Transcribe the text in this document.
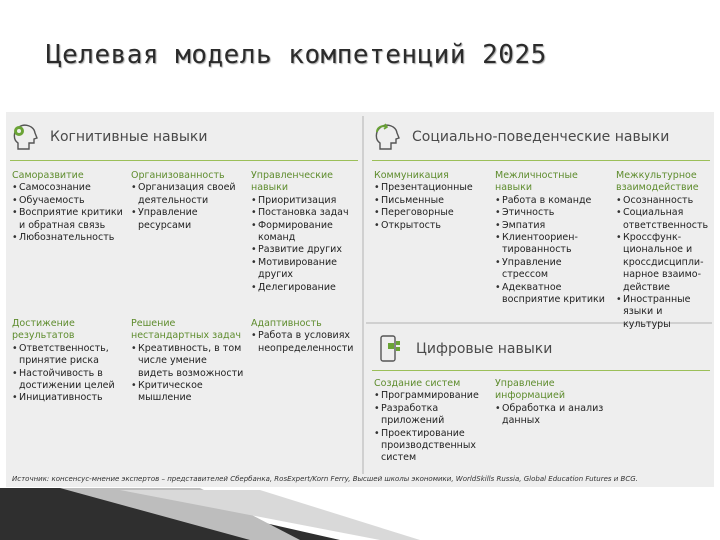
Целевая модель компетенций 2025
Когнитивные навыки	Социально-поведенческие навыки
Цифровые навыки
Саморазвитие
• Самосознание
• Обучаемость
• Восприятие критики и обратная связь
• Любознательность
Организованность
• Организация своей деятельности
• Управление ресурсами
Управленческие навыки
• Приоритизация
• Постановка задач
• Формирование команд
• Развитие других
• Мотивирование других
• Делегирование
Достижение результатов
• Ответственность, принятие риска
• Настойчивость в достижении целей
• Инициативность
Решение нестандартных задач
• Креативность, в том числе умение видеть возможности
• Критическое мышление
Адаптивность
• Работа в условиях неопределенности
Коммуникация
• Презентационные
• Письменные
• Переговорные
• Открытость
Межличностные навыки
• Работа в команде
• Этичность
• Эмпатия
• Клиентоориен-тированность
• Управление стрессом
• Адекватное восприятие критики
Межкультурное взаимодействие
• Осознанность
• Социальная ответственность
• Кросcфунк-циональное и кроссдисципли-нарное взаимо-действие
• Иностранные языки и культуры
Создание систем
• Программирование
• Разработка приложений
• Проектирование производственных систем
Управление информацией
• Обработка и анализ данных
Источник: консенсус-мнение экспертов – представителей Сбербанка, RosExpert/Korn Ferry, Высшей школы экономики, WorldSkills Russia, Global Education Futures и BCG.
